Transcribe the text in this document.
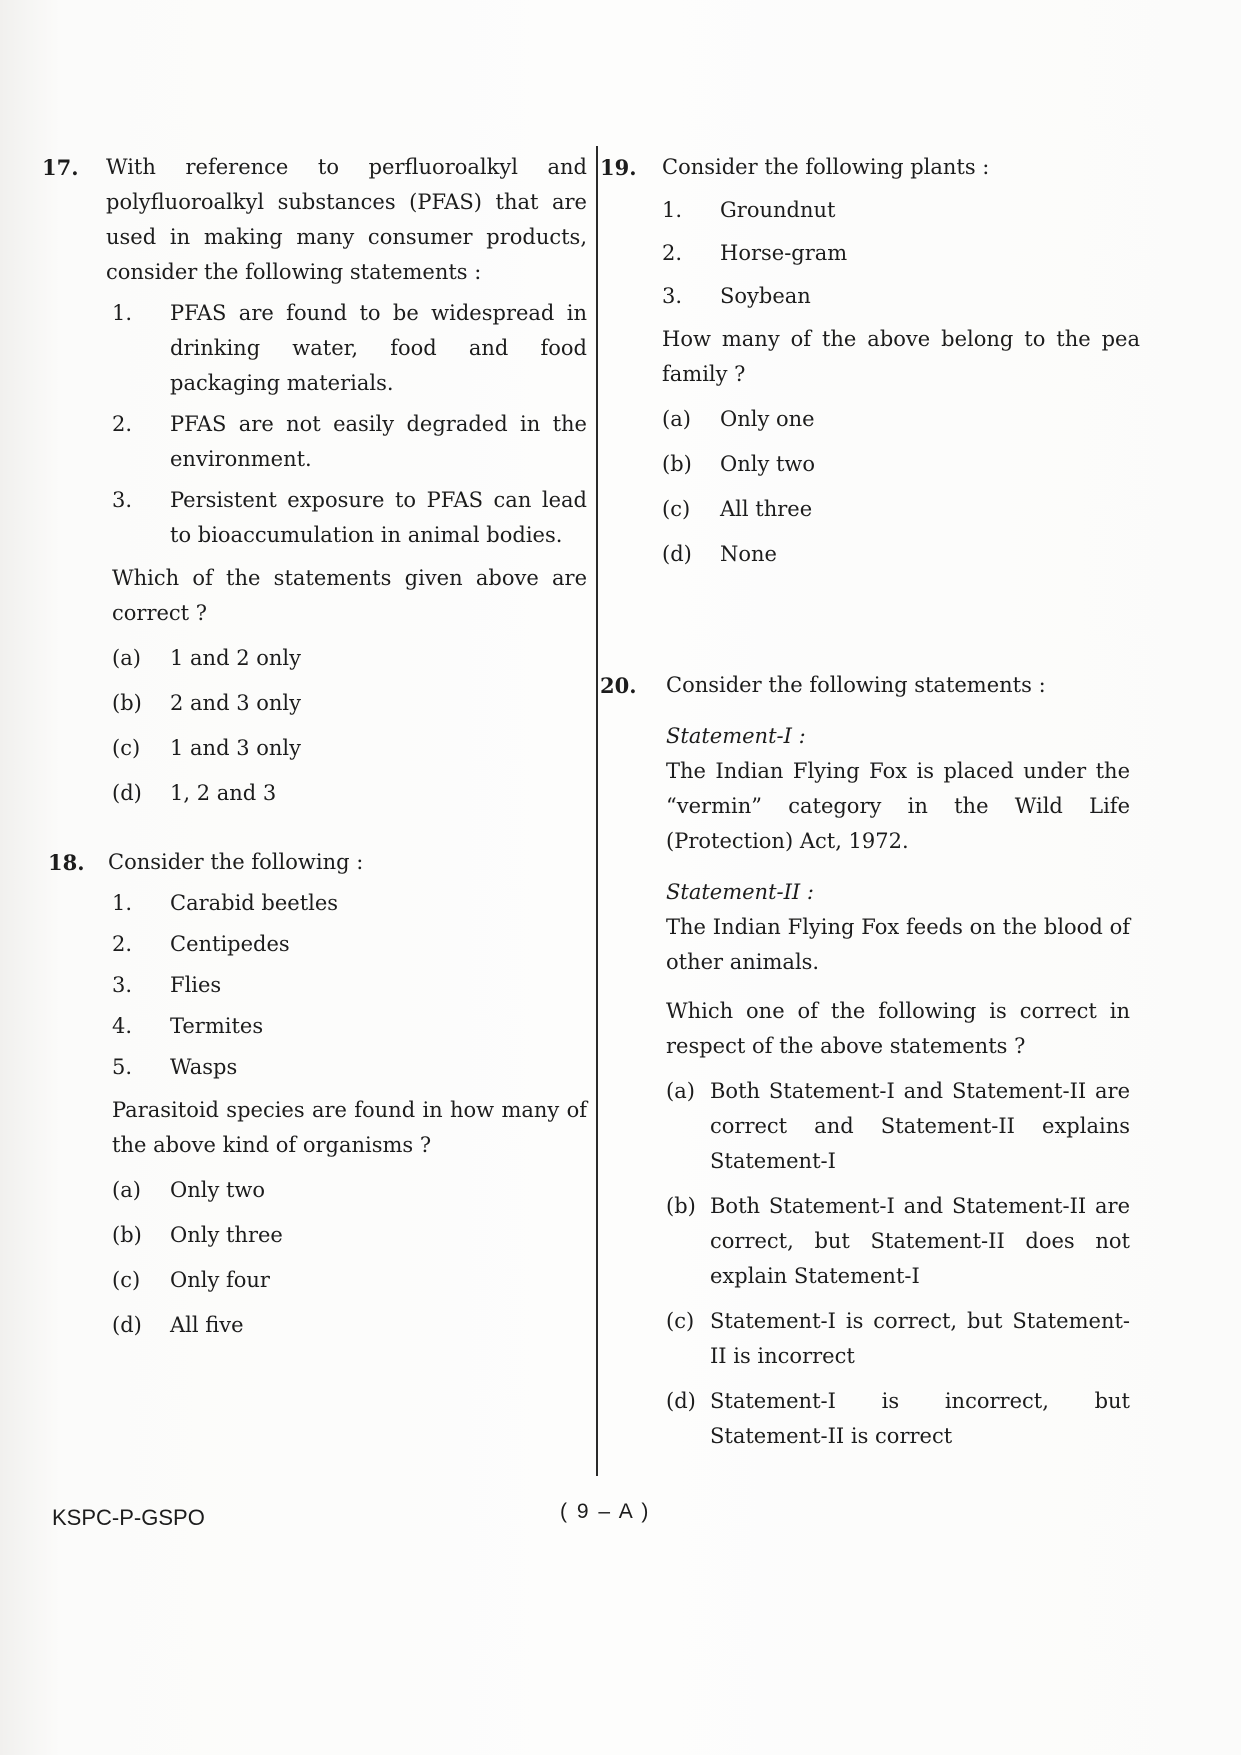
17. With reference to perfluoroalkyl and polyfluoroalkyl substances (PFAS) that are used in making many consumer products, consider the following statements :
1.	PFAS are found to be widespread in drinking water, food and food packaging materials.
2.	PFAS are not easily degraded in the environment.
3.	Persistent exposure to PFAS can lead to bioaccumulation in animal bodies.
Which of the statements given above are correct ?
(a)	1 and 2 only
(b)	2 and 3 only
(c)	1 and 3 only
(d)	1, 2 and 3
18. Consider the following :
1.	Carabid beetles
2.	Centipedes
3.	Flies
4.	Termites
5.	Wasps
Parasitoid species are found in how many of the above kind of organisms ?
(a)	Only two
(b)	Only three
(c)	Only four
(d)	All five
19. Consider the following plants :
1.	Groundnut
2.	Horse-gram
3.	Soybean
How many of the above belong to the pea family ?
(a)	Only one
(b)	Only two
(c)	All three
(d)	None
20. Consider the following statements :
Statement-I :
The Indian Flying Fox is placed under the “vermin” category in the Wild Life (Protection) Act, 1972.
Statement-II :
The Indian Flying Fox feeds on the blood of other animals.
Which one of the following is correct in respect of the above statements ?
(a) Both Statement-I and Statement-II are correct and Statement-II explains Statement-I
(b) Both Statement-I and Statement-II are correct, but Statement-II does not explain Statement-I
(c) Statement-I is correct, but Statement-II is incorrect
(d) Statement-I is incorrect, but Statement-II is correct
KSPC-P-GSPO	( 9 – A )
